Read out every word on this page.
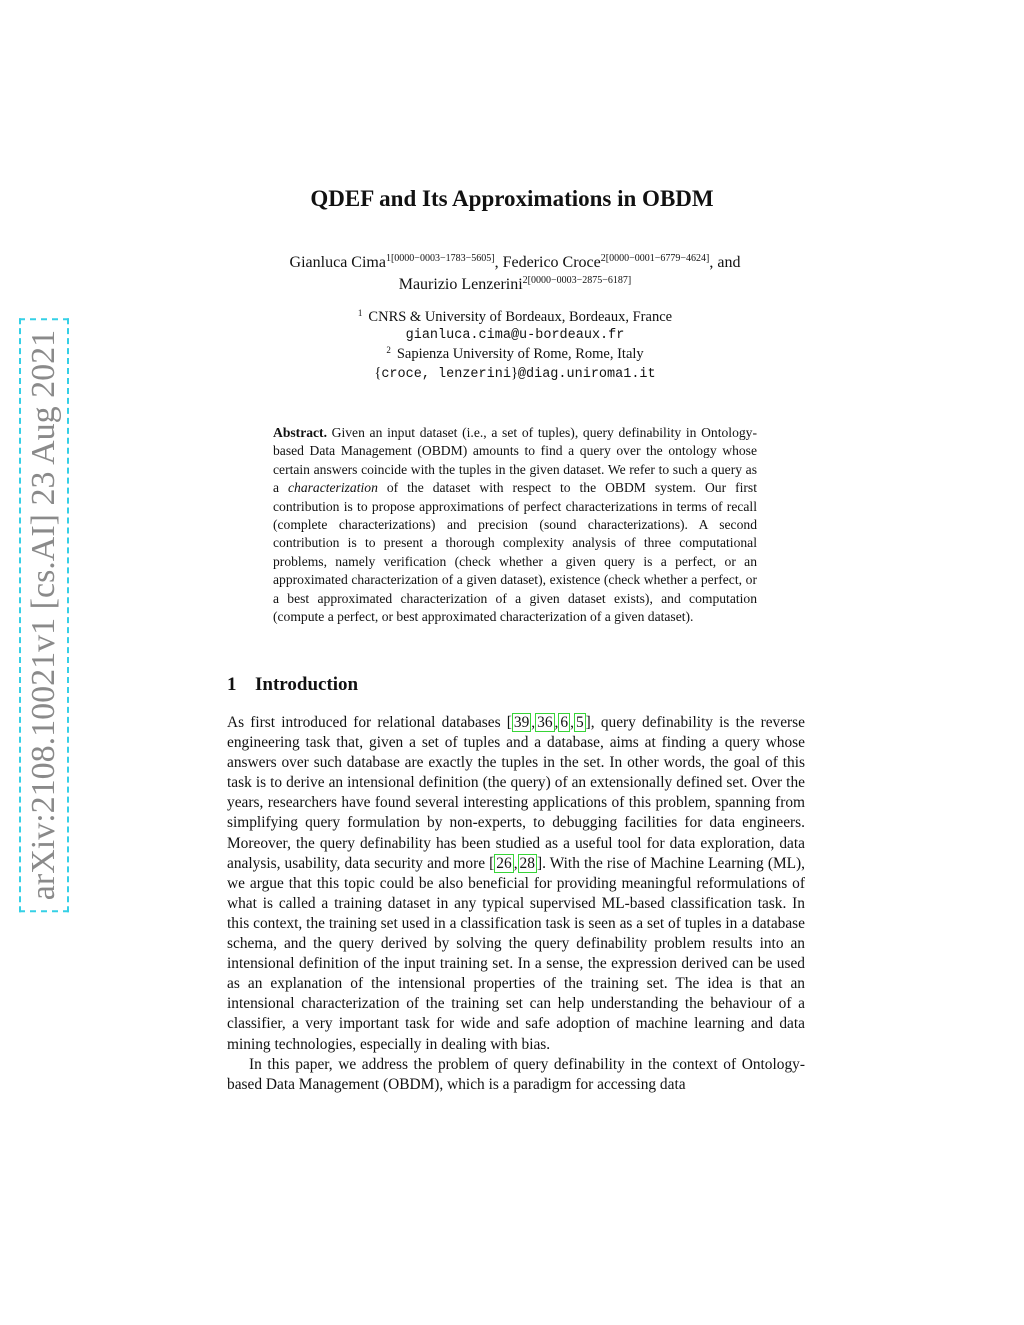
arXiv:2108.10021v1 [cs.AI] 23 Aug 2021
QDEF and Its Approximations in OBDM
Gianluca Cima$^{1[0000-0003-1783-5605]}$, Federico Croce$^{2[0000-0001-6779-4624]}$, and
Maurizio Lenzerini$^{2[0000-0003-2875-6187]}$
$^1$ CNRS & University of Bordeaux, Bordeaux, France
gianluca.cima@u-bordeaux.fr
$^2$ Sapienza University of Rome, Rome, Italy
{croce, lenzerini}@diag.uniroma1.it
Abstract. Given an input dataset (i.e., a set of tuples), query definability in Ontology-based Data Management (OBDM) amounts to find a query over the ontology whose certain answers coincide with the tuples in the given dataset. We refer to such a query as a characterization of the dataset with respect to the OBDM system. Our first contribution is to propose approximations of perfect characterizations in terms of recall (complete characterizations) and precision (sound characterizations). A second contribution is to present a thorough complexity analysis of three computational problems, namely verification (check whether a given query is a perfect, or an approximated characterization of a given dataset), existence (check whether a perfect, or a best approximated characterization of a given dataset exists), and computation (compute a perfect, or best approximated characterization of a given dataset).
1 Introduction

As first introduced for relational databases [ 39 , 36 , 6 , 5 ], query definability is the reverse engineering task that, given a set of tuples and a database, aims at finding a query whose answers over such database are exactly the tuples in the set. In other words, the goal of this task is to derive an intensional definition (the query) of an extensionally defined set. Over the years, researchers have found several interesting applications of this problem, spanning from simplifying query formulation by non-experts, to debugging facilities for data engineers. Moreover, the query definability has been studied as a useful tool for data exploration, data analysis, usability, data security and more [ 26 , 28 ]. With the rise of Machine Learning (ML), we argue that this topic could be also beneficial for providing meaningful reformulations of what is called a training dataset in any typical supervised ML-based classification task. In this context, the training set used in a classification task is seen as a set of tuples in a database schema, and the query derived by solving the query definability problem results into an intensional definition of the input training set. In a sense, the expression derived can be used as an explanation of the intensional properties of the training set. The idea is that an intensional characterization of the training set can help understanding the behaviour of a classifier, a very important task for wide and safe adoption of machine learning and data mining technologies, especially in dealing with bias.

In this paper, we address the problem of query definability in the context of Ontology-based Data Management (OBDM), which is a paradigm for accessing data
